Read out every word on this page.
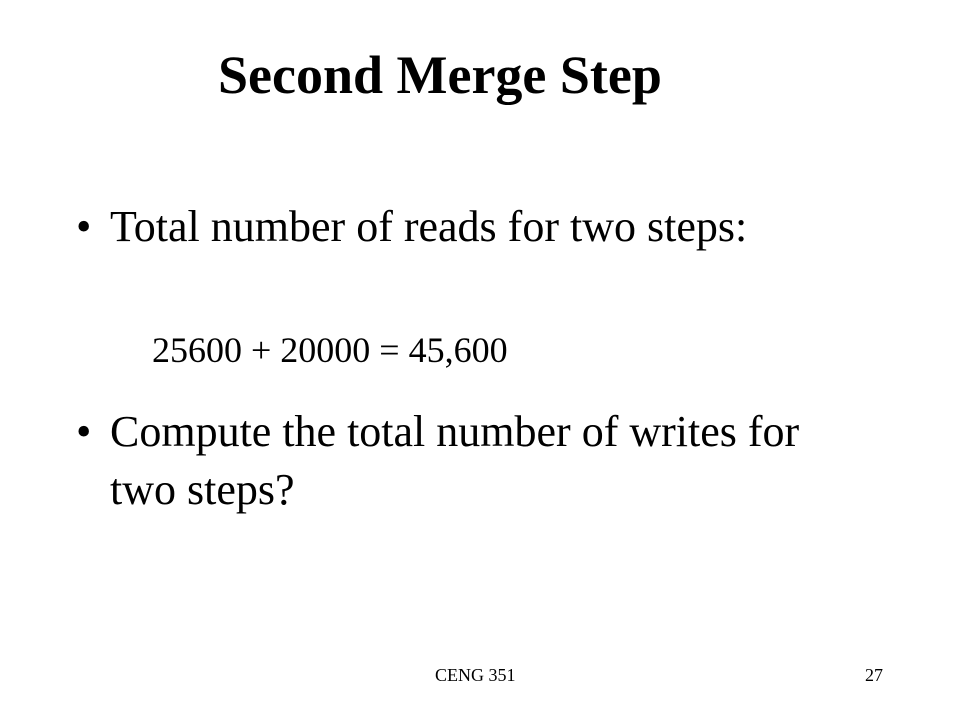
Second Merge Step
• Total number of reads for two steps:
25600 + 20000 = 45,600
• Compute the total number of writes for two steps?
CENG 351	27
